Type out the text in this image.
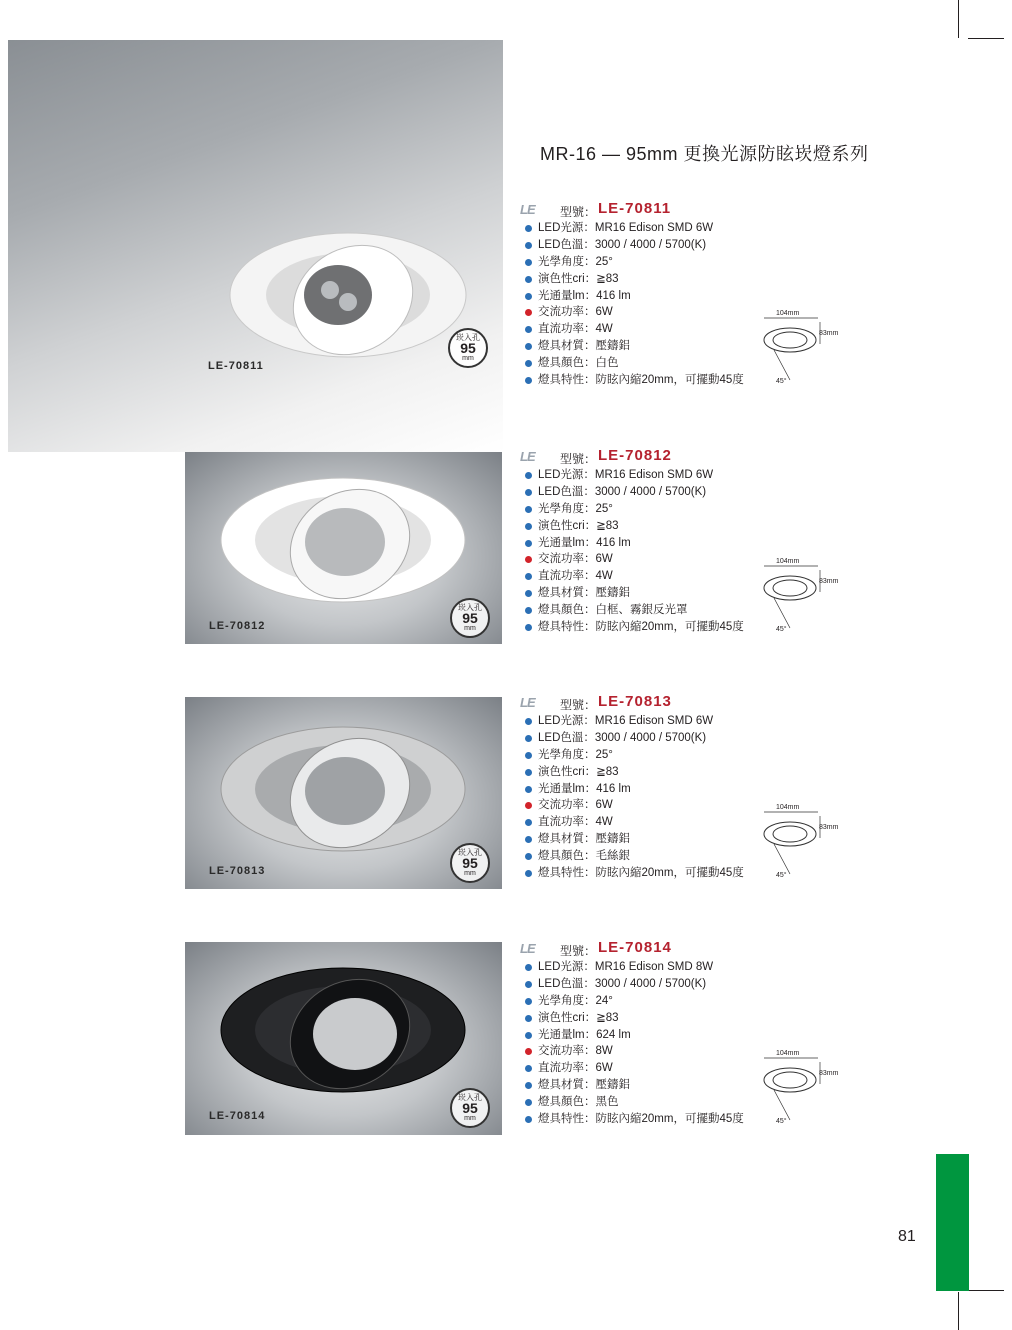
MR-16 — 95mm 更換光源防眩崁燈系列
LE-70811
崁入孔
95
mm
LE-70812
崁入孔
95
mm
LE-70813
崁入孔
95
mm
LE-70814
崁入孔
95
mm
LE 型號： LE-70811
LED光源：MR16 Edison SMD 6W
LED色溫：3000 / 4000 / 5700(K)
光學角度：25°
演色性cri：≧83
光通量lm：416 lm
交流功率：6W
直流功率：4W
燈具材質：壓鑄鋁
燈具顏色：白色
燈具特性：防眩內縮20mm，可擺動45度
LE 型號： LE-70812
LED光源：MR16 Edison SMD 6W
LED色溫：3000 / 4000 / 5700(K)
光學角度：25°
演色性cri：≧83
光通量lm：416 lm
交流功率：6W
直流功率：4W
燈具材質：壓鑄鋁
燈具顏色：白框、霧銀反光罩
燈具特性：防眩內縮20mm，可擺動45度
LE 型號： LE-70813
LED光源：MR16 Edison SMD 6W
LED色溫：3000 / 4000 / 5700(K)
光學角度：25°
演色性cri：≧83
光通量lm：416 lm
交流功率：6W
直流功率：4W
燈具材質：壓鑄鋁
燈具顏色：毛絲銀
燈具特性：防眩內縮20mm，可擺動45度
LE 型號： LE-70814
LED光源：MR16 Edison SMD 8W
LED色溫：3000 / 4000 / 5700(K)
光學角度：24°
演色性cri：≧83
光通量lm：624 lm
交流功率：8W
直流功率：6W
燈具材質：壓鑄鋁
燈具顏色：黑色
燈具特性：防眩內縮20mm，可擺動45度
104mm
83mm
45°
104mm
83mm
45°
104mm
83mm
45°
104mm
83mm
45°
81
